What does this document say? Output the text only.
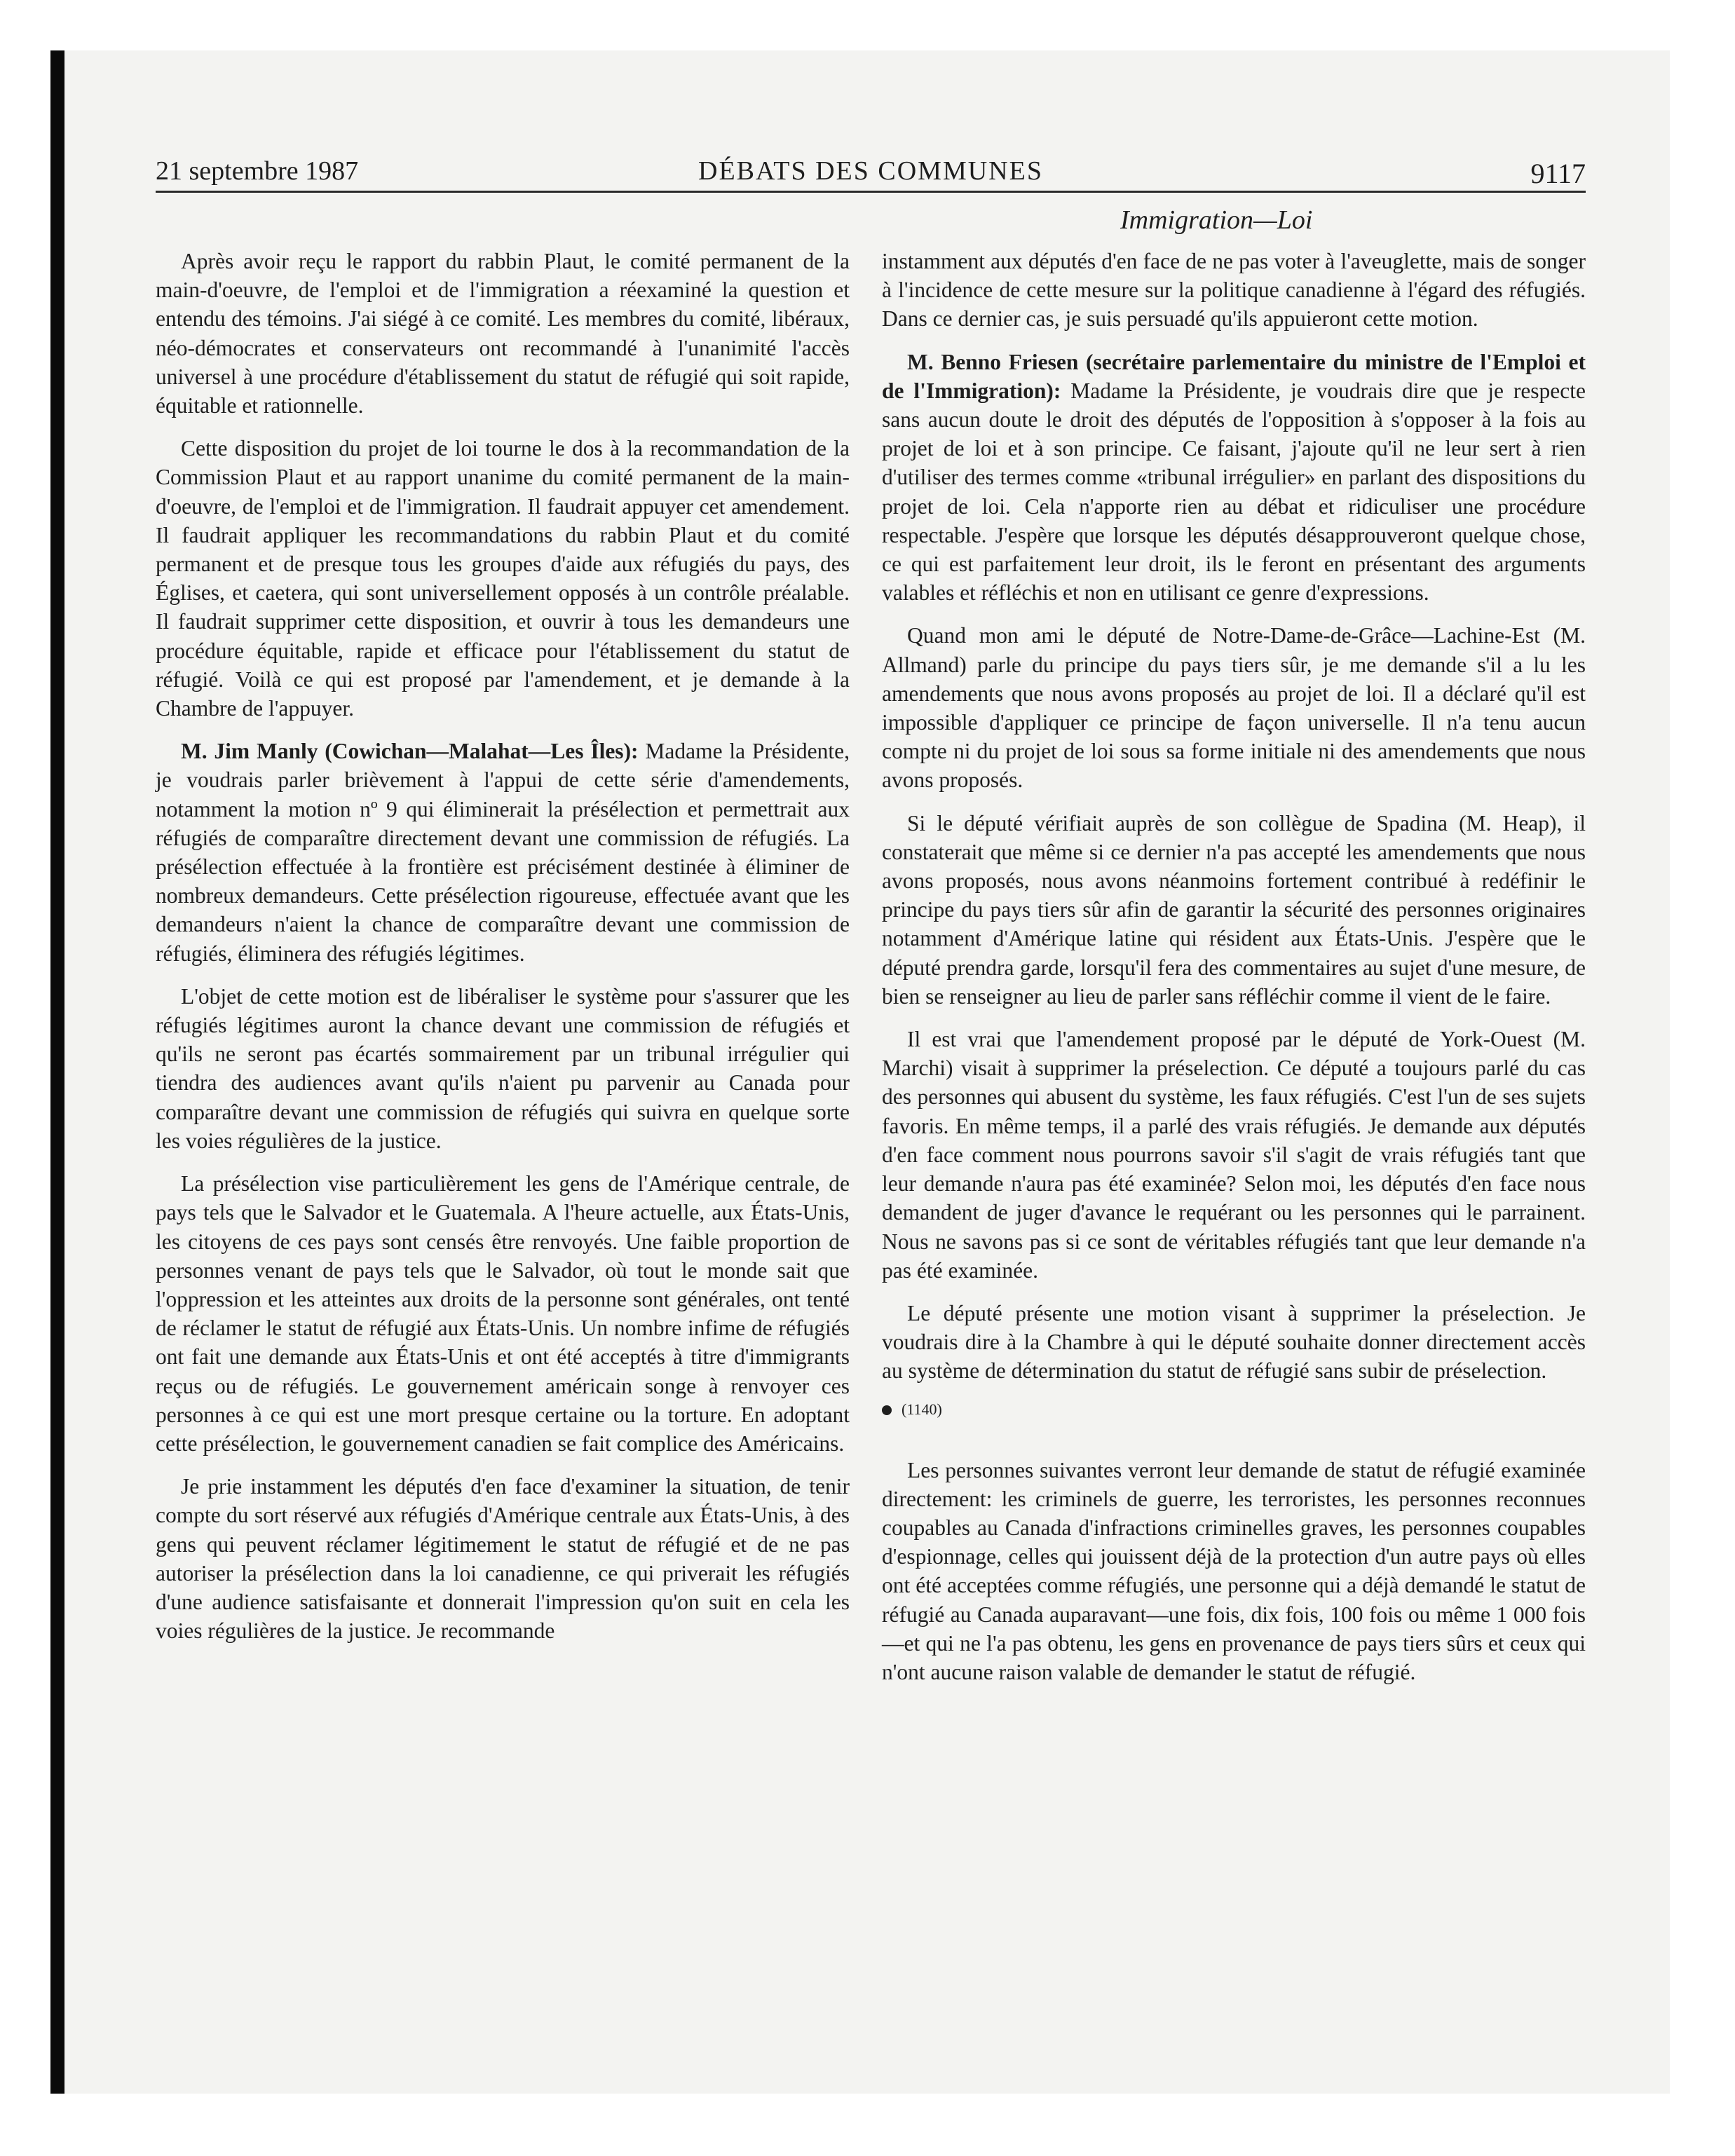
21 septembre 1987	DÉBATS DES COMMUNES	9117
Immigration—Loi

Après avoir reçu le rapport du rabbin Plaut, le comité permanent de la main-d'oeuvre, de l'emploi et de l'immigration a réexaminé la question et entendu des témoins. J'ai siégé à ce comité. Les membres du comité, libéraux, néo-démocrates et conservateurs ont recommandé à l'unanimité l'accès universel à une procédure d'établissement du statut de réfugié qui soit rapide, équitable et rationnelle.

Cette disposition du projet de loi tourne le dos à la recommandation de la Commission Plaut et au rapport unanime du comité permanent de la main-d'oeuvre, de l'emploi et de l'immigration. Il faudrait appuyer cet amendement. Il faudrait appliquer les recommandations du rabbin Plaut et du comité permanent et de presque tous les groupes d'aide aux réfugiés du pays, des Églises, et caetera, qui sont universellement opposés à un contrôle préalable. Il faudrait supprimer cette disposition, et ouvrir à tous les demandeurs une procédure équitable, rapide et efficace pour l'établissement du statut de réfugié. Voilà ce qui est proposé par l'amendement, et je demande à la Chambre de l'appuyer.

M. Jim Manly (Cowichan—Malahat—Les Îles): Madame la Présidente, je voudrais parler brièvement à l'appui de cette série d'amendements, notamment la motion nº 9 qui éliminerait la présélection et permettrait aux réfugiés de comparaître directement devant une commission de réfugiés. La présélection effectuée à la frontière est précisément destinée à éliminer de nombreux demandeurs. Cette présélection rigoureuse, effectuée avant que les demandeurs n'aient la chance de comparaître devant une commission de réfugiés, éliminera des réfugiés légitimes.

L'objet de cette motion est de libéraliser le système pour s'assurer que les réfugiés légitimes auront la chance devant une commission de réfugiés et qu'ils ne seront pas écartés sommairement par un tribunal irrégulier qui tiendra des audiences avant qu'ils n'aient pu parvenir au Canada pour comparaître devant une commission de réfugiés qui suivra en quelque sorte les voies régulières de la justice.

La présélection vise particulièrement les gens de l'Amérique centrale, de pays tels que le Salvador et le Guatemala. A l'heure actuelle, aux États-Unis, les citoyens de ces pays sont censés être renvoyés. Une faible proportion de personnes venant de pays tels que le Salvador, où tout le monde sait que l'oppression et les atteintes aux droits de la personne sont générales, ont tenté de réclamer le statut de réfugié aux États-Unis. Un nombre infime de réfugiés ont fait une demande aux États-Unis et ont été acceptés à titre d'immigrants reçus ou de réfugiés. Le gouvernement américain songe à renvoyer ces personnes à ce qui est une mort presque certaine ou la torture. En adoptant cette présélection, le gouvernement canadien se fait complice des Américains.

Je prie instamment les députés d'en face d'examiner la situation, de tenir compte du sort réservé aux réfugiés d'Amérique centrale aux États-Unis, à des gens qui peuvent réclamer légitimement le statut de réfugié et de ne pas autoriser la présélection dans la loi canadienne, ce qui priverait les réfugiés d'une audience satisfaisante et donnerait l'impression qu'on suit en cela les voies régulières de la justice. Je recommande

instamment aux députés d'en face de ne pas voter à l'aveuglette, mais de songer à l'incidence de cette mesure sur la politique canadienne à l'égard des réfugiés. Dans ce dernier cas, je suis persuadé qu'ils appuieront cette motion.

M. Benno Friesen (secrétaire parlementaire du ministre de l'Emploi et de l'Immigration): Madame la Présidente, je voudrais dire que je respecte sans aucun doute le droit des députés de l'opposition à s'opposer à la fois au projet de loi et à son principe. Ce faisant, j'ajoute qu'il ne leur sert à rien d'utiliser des termes comme «tribunal irrégulier» en parlant des dispositions du projet de loi. Cela n'apporte rien au débat et ridiculiser une procédure respectable. J'espère que lorsque les députés désapprouveront quelque chose, ce qui est parfaitement leur droit, ils le feront en présentant des arguments valables et réfléchis et non en utilisant ce genre d'expressions.

Quand mon ami le député de Notre-Dame-de-Grâce—Lachine-Est (M. Allmand) parle du principe du pays tiers sûr, je me demande s'il a lu les amendements que nous avons proposés au projet de loi. Il a déclaré qu'il est impossible d'appliquer ce principe de façon universelle. Il n'a tenu aucun compte ni du projet de loi sous sa forme initiale ni des amendements que nous avons proposés.

Si le député vérifiait auprès de son collègue de Spadina (M. Heap), il constaterait que même si ce dernier n'a pas accepté les amendements que nous avons proposés, nous avons néanmoins fortement contribué à redéfinir le principe du pays tiers sûr afin de garantir la sécurité des personnes originaires notamment d'Amérique latine qui résident aux États-Unis. J'espère que le député prendra garde, lorsqu'il fera des commentaires au sujet d'une mesure, de bien se renseigner au lieu de parler sans réfléchir comme il vient de le faire.

Il est vrai que l'amendement proposé par le député de York-Ouest (M. Marchi) visait à supprimer la préselection. Ce député a toujours parlé du cas des personnes qui abusent du système, les faux réfugiés. C'est l'un de ses sujets favoris. En même temps, il a parlé des vrais réfugiés. Je demande aux députés d'en face comment nous pourrons savoir s'il s'agit de vrais réfugiés tant que leur demande n'aura pas été examinée? Selon moi, les députés d'en face nous demandent de juger d'avance le requérant ou les personnes qui le parrainent. Nous ne savons pas si ce sont de véritables réfugiés tant que leur demande n'a pas été examinée.

Le député présente une motion visant à supprimer la préselection. Je voudrais dire à la Chambre à qui le député souhaite donner directement accès au système de détermination du statut de réfugié sans subir de préselection.

(1140)

Les personnes suivantes verront leur demande de statut de réfugié examinée directement: les criminels de guerre, les terroristes, les personnes reconnues coupables au Canada d'infractions criminelles graves, les personnes coupables d'espionnage, celles qui jouissent déjà de la protection d'un autre pays où elles ont été acceptées comme réfugiés, une personne qui a déjà demandé le statut de réfugié au Canada auparavant—une fois, dix fois, 100 fois ou même 1 000 fois—et qui ne l'a pas obtenu, les gens en provenance de pays tiers sûrs et ceux qui n'ont aucune raison valable de demander le statut de réfugié.
